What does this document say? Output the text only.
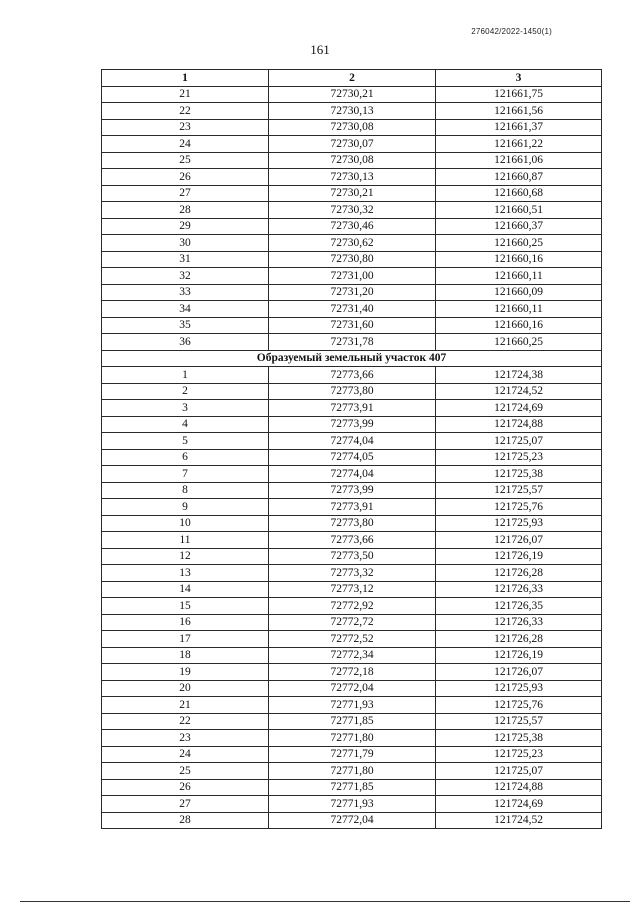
276042/2022-1450(1)
161
1	2	3
21	72730,21	121661,75
22	72730,13	121661,56
23	72730,08	121661,37
24	72730,07	121661,22
25	72730,08	121661,06
26	72730,13	121660,87
27	72730,21	121660,68
28	72730,32	121660,51
29	72730,46	121660,37
30	72730,62	121660,25
31	72730,80	121660,16
32	72731,00	121660,11
33	72731,20	121660,09
34	72731,40	121660,11
35	72731,60	121660,16
36	72731,78	121660,25
Образуемый земельный участок 407		
1	72773,66	121724,38
2	72773,80	121724,52
3	72773,91	121724,69
4	72773,99	121724,88
5	72774,04	121725,07
6	72774,05	121725,23
7	72774,04	121725,38
8	72773,99	121725,57
9	72773,91	121725,76
10	72773,80	121725,93
11	72773,66	121726,07
12	72773,50	121726,19
13	72773,32	121726,28
14	72773,12	121726,33
15	72772,92	121726,35
16	72772,72	121726,33
17	72772,52	121726,28
18	72772,34	121726,19
19	72772,18	121726,07
20	72772,04	121725,93
21	72771,93	121725,76
22	72771,85	121725,57
23	72771,80	121725,38
24	72771,79	121725,23
25	72771,80	121725,07
26	72771,85	121724,88
27	72771,93	121724,69
28	72772,04	121724,52
